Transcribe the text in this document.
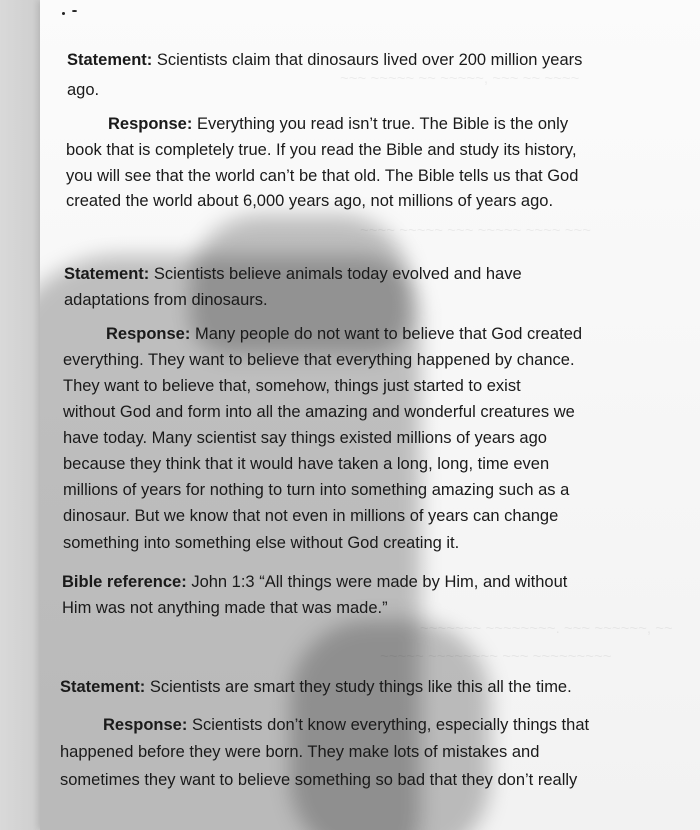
~~~ ~~~~~ ~~ ~~~~~, ~~~ ~~ ~~~~
~~~~ ~~~~~ ~~~ ~~~~~ ~~~~ ~~~
~~~~~~~ ~~~~~~~~. ~~~ ~~~~~~, ~~
~~~~~ ~~~~~~~~ ~~~ ~~~~~~~~~
Statement: Scientists claim that dinosaurs lived over 200 million years
ago.
Response: Everything you read isn’t true. The Bible is the only
book that is completely true. If you read the Bible and study its history,
you will see that the world can’t be that old. The Bible tells us that God
created the world about 6,000 years ago, not millions of years ago.
Statement: Scientists believe animals today evolved and have
adaptations from dinosaurs.
Response: Many people do not want to believe that God created
everything. They want to believe that everything happened by chance.
They want to believe that, somehow, things just started to exist
without God and form into all the amazing and wonderful creatures we
have today. Many scientist say things existed millions of years ago
because they think that it would have taken a long, long, time even
millions of years for nothing to turn into something amazing such as a
dinosaur. But we know that not even in millions of years can change
something into something else without God creating it.
Bible reference: John 1:3 “All things were made by Him, and without
Him was not anything made that was made.”
Statement: Scientists are smart they study things like this all the time.
Response: Scientists don’t know everything, especially things that
happened before they were born. They make lots of mistakes and
sometimes they want to believe something so bad that they don’t really
